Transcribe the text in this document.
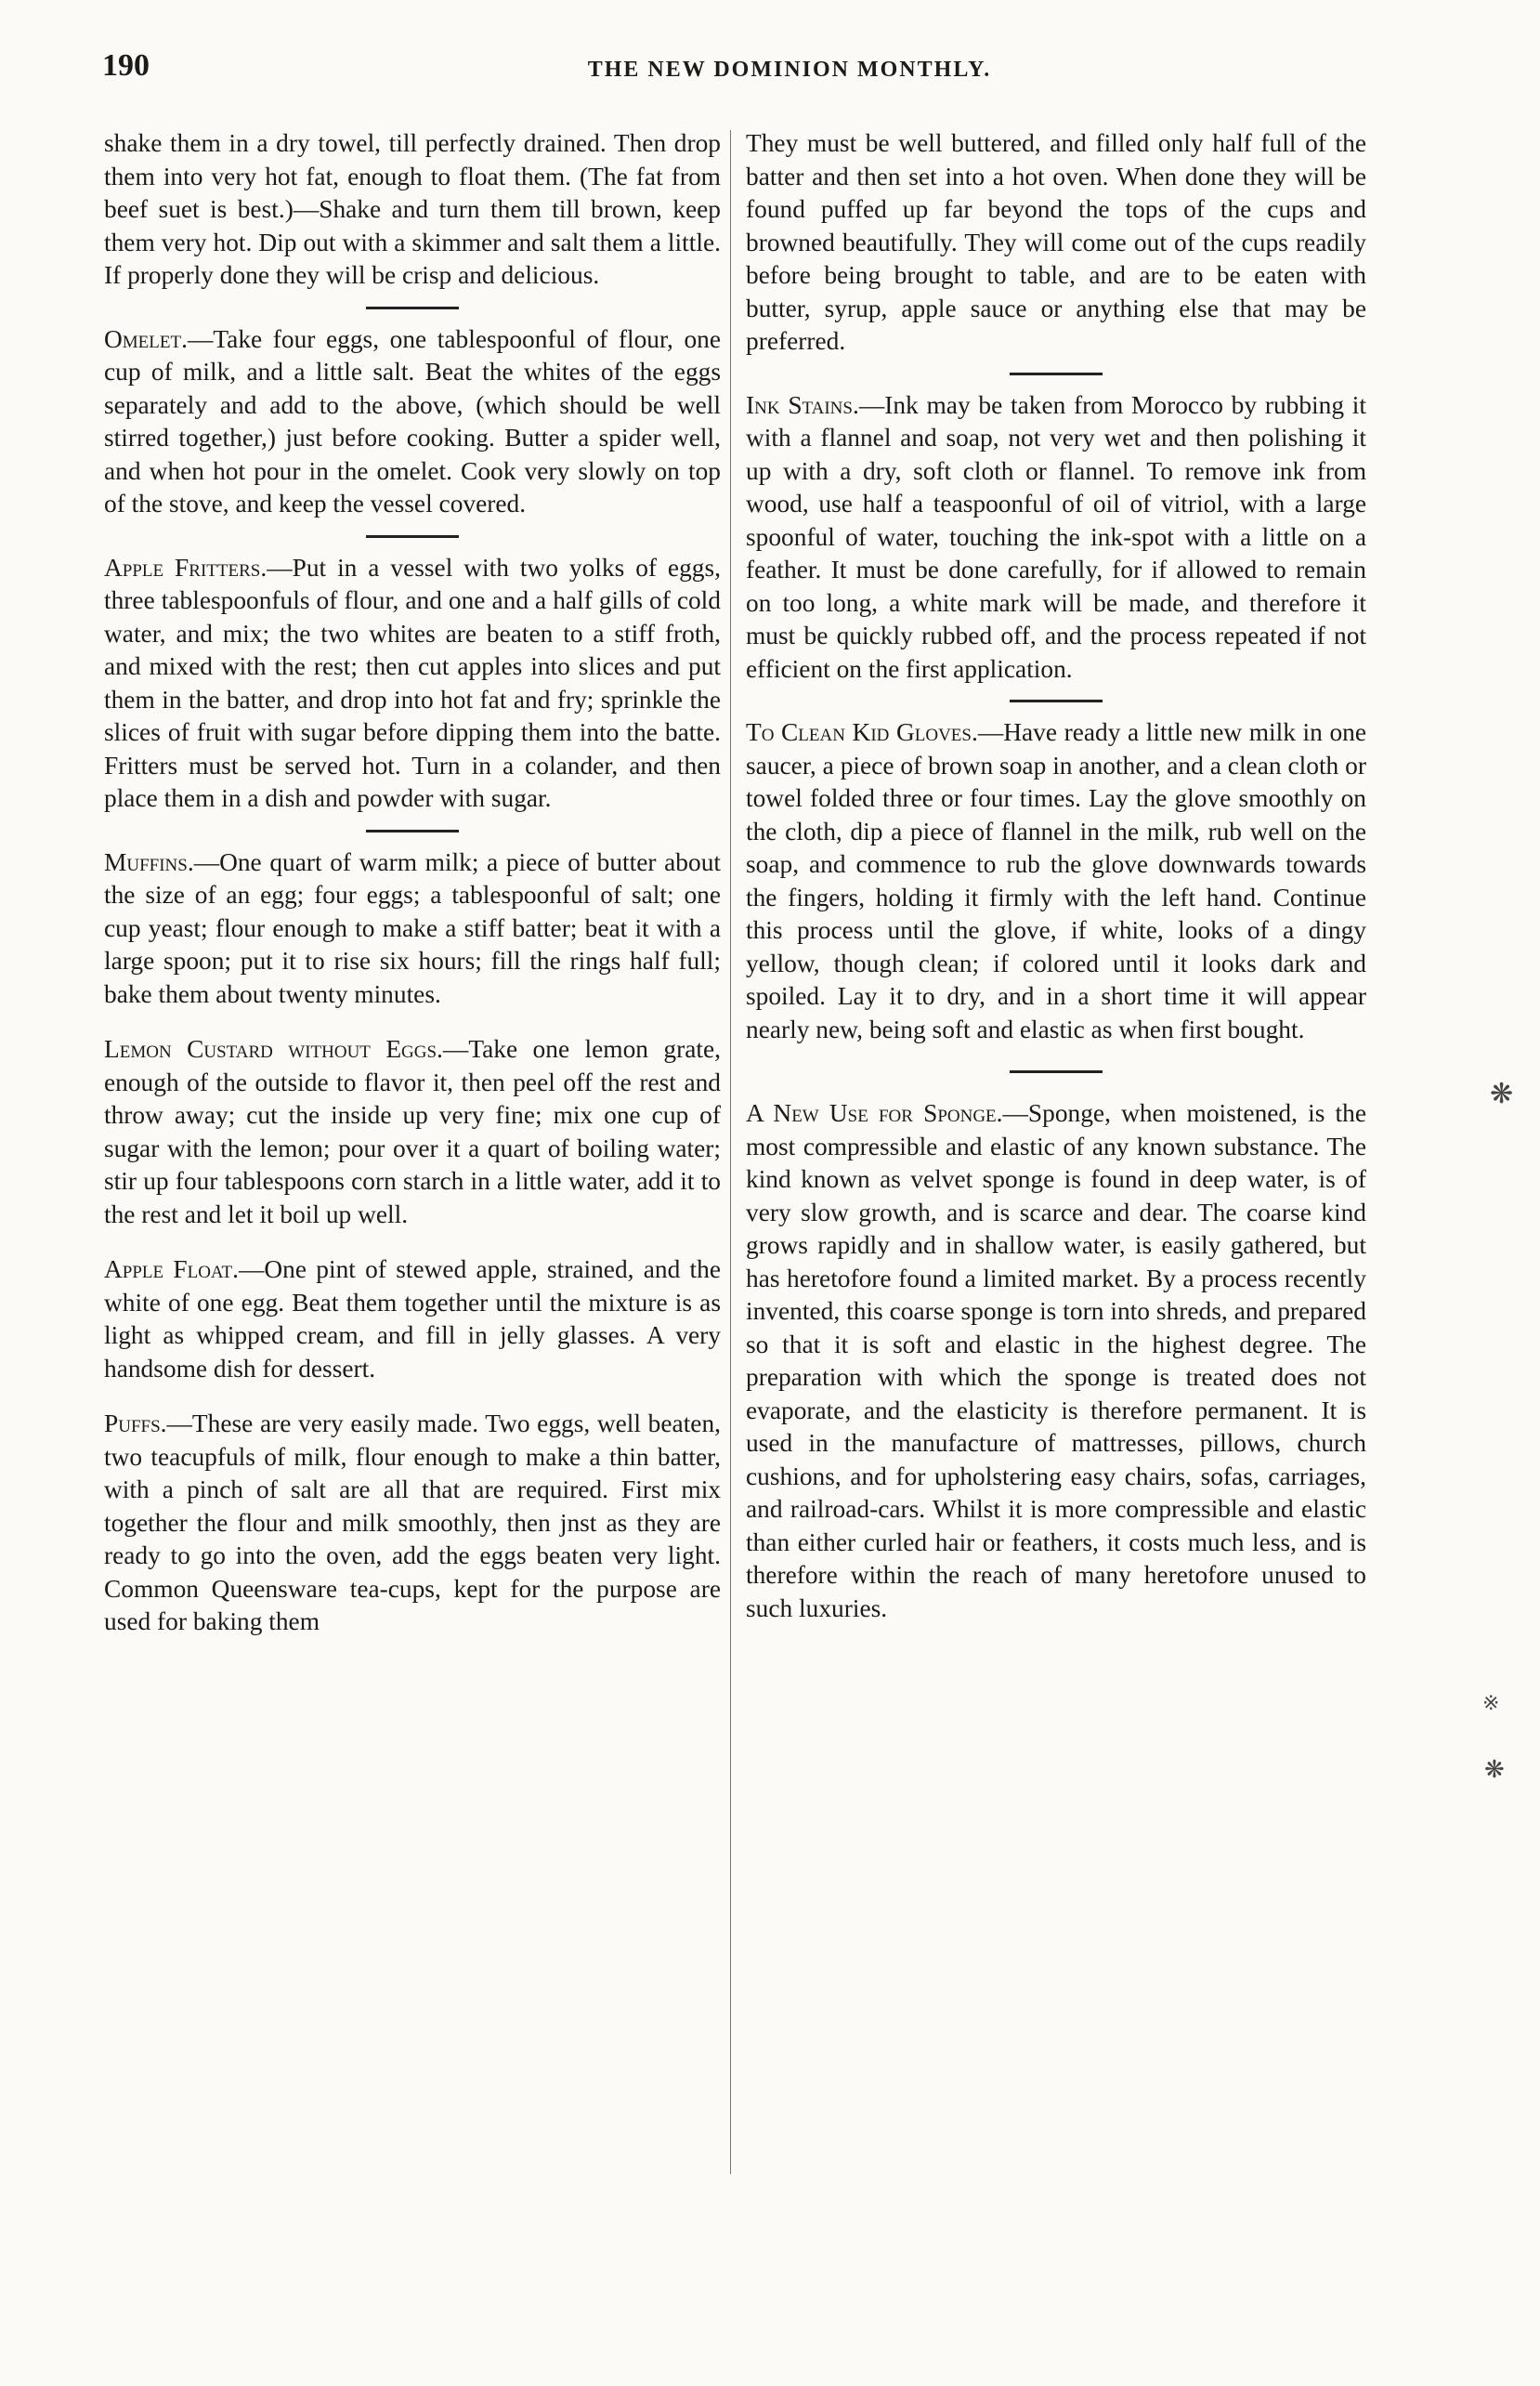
190	THE NEW DOMINION MONTHLY.

shake them in a dry towel, till perfectly drained. Then drop them into very hot fat, enough to float them. (The fat from beef suet is best.)—Shake and turn them till brown, keep them very hot. Dip out with a skimmer and salt them a little. If properly done they will be crisp and delicious.

Omelet.—Take four eggs, one tablespoonful of flour, one cup of milk, and a little salt. Beat the whites of the eggs separately and add to the above, (which should be well stirred together,) just before cooking. Butter a spider well, and when hot pour in the omelet. Cook very slowly on top of the stove, and keep the vessel covered.

Apple Fritters.—Put in a vessel with two yolks of eggs, three tablespoonfuls of flour, and one and a half gills of cold water, and mix; the two whites are beaten to a stiff froth, and mixed with the rest; then cut apples into slices and put them in the batter, and drop into hot fat and fry; sprinkle the slices of fruit with sugar before dipping them into the batte. Fritters must be served hot. Turn in a colander, and then place them in a dish and powder with sugar.

Muffins.—One quart of warm milk; a piece of butter about the size of an egg; four eggs; a tablespoonful of salt; one cup yeast; flour enough to make a stiff batter; beat it with a large spoon; put it to rise six hours; fill the rings half full; bake them about twenty minutes.

Lemon Custard without Eggs.—Take one lemon grate, enough of the outside to flavor it, then peel off the rest and throw away; cut the inside up very fine; mix one cup of sugar with the lemon; pour over it a quart of boiling water; stir up four tablespoons corn starch in a little water, add it to the rest and let it boil up well.

Apple Float.—One pint of stewed apple, strained, and the white of one egg. Beat them together until the mixture is as light as whipped cream, and fill in jelly glasses. A very handsome dish for dessert.

Puffs.—These are very easily made. Two eggs, well beaten, two teacupfuls of milk, flour enough to make a thin batter, with a pinch of salt are all that are required. First mix together the flour and milk smoothly, then jnst as they are ready to go into the oven, add the eggs beaten very light. Common Queensware tea-cups, kept for the purpose are used for baking them

They must be well buttered, and filled only half full of the batter and then set into a hot oven. When done they will be found puffed up far beyond the tops of the cups and browned beautifully. They will come out of the cups readily before being brought to table, and are to be eaten with butter, syrup, apple sauce or anything else that may be preferred.

Ink Stains.—Ink may be taken from Morocco by rubbing it with a flannel and soap, not very wet and then polishing it up with a dry, soft cloth or flannel. To remove ink from wood, use half a teaspoonful of oil of vitriol, with a large spoonful of water, touching the ink-spot with a little on a feather. It must be done carefully, for if allowed to remain on too long, a white mark will be made, and therefore it must be quickly rubbed off, and the process repeated if not efficient on the first application.

To Clean Kid Gloves.—Have ready a little new milk in one saucer, a piece of brown soap in another, and a clean cloth or towel folded three or four times. Lay the glove smoothly on the cloth, dip a piece of flannel in the milk, rub well on the soap, and commence to rub the glove downwards towards the fingers, holding it firmly with the left hand. Continue this process until the glove, if white, looks of a dingy yellow, though clean; if colored until it looks dark and spoiled. Lay it to dry, and in a short time it will appear nearly new, being soft and elastic as when first bought.

A New Use for Sponge.—Sponge, when moistened, is the most compressible and elastic of any known substance. The kind known as velvet sponge is found in deep water, is of very slow growth, and is scarce and dear. The coarse kind grows rapidly and in shallow water, is easily gathered, but has heretofore found a limited market. By a process recently invented, this coarse sponge is torn into shreds, and prepared so that it is soft and elastic in the highest degree. The preparation with which the sponge is treated does not evaporate, and the elasticity is therefore permanent. It is used in the manufacture of mattresses, pillows, church cushions, and for upholstering easy chairs, sofas, carriages, and railroad-cars. Whilst it is more compressible and elastic than either curled hair or feathers, it costs much less, and is therefore within the reach of many heretofore unused to such luxuries.

❋
※
❋
